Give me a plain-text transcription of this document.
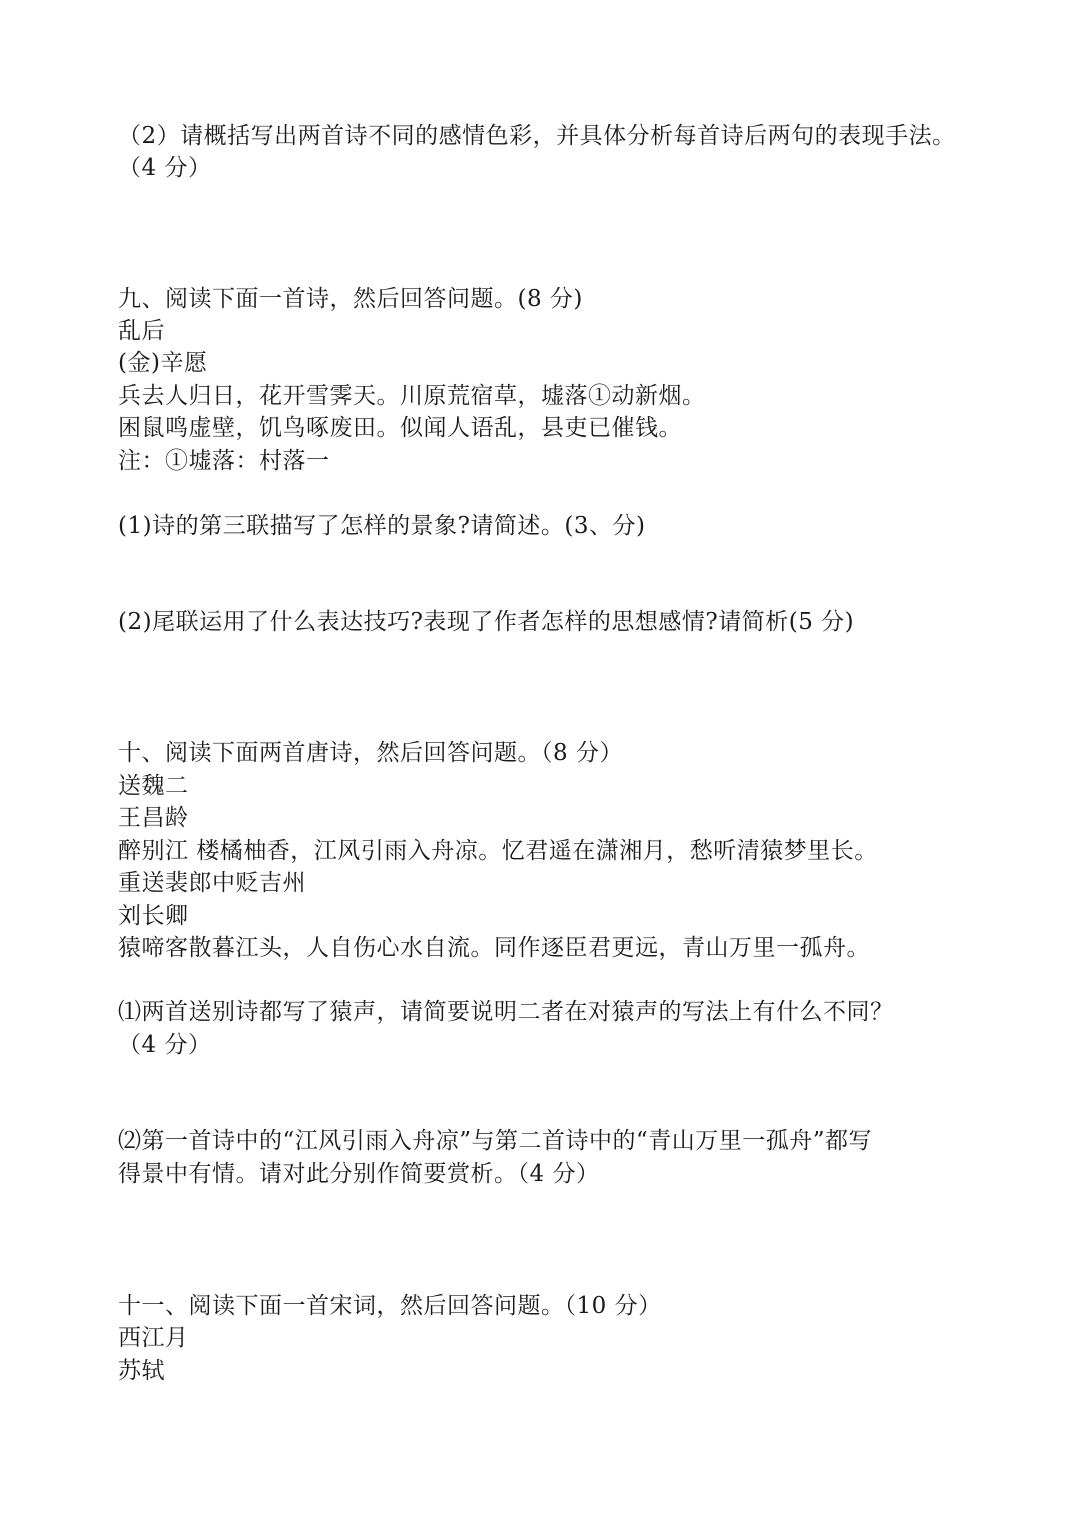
（2）请概括写出两首诗不同的感情色彩，并具体分析每首诗后两句的表现手法。
（4 分）
九、阅读下面一首诗，然后回答问题。(8 分)
乱后
(金)辛愿
兵去人归日，花开雪霁天。川原荒宿草，墟落①动新烟。
困鼠鸣虚壁，饥鸟啄废田。似闻人语乱，县吏已催钱。
注：①墟落：村落一
(1)诗的第三联描写了怎样的景象?请简述。(3、分)
(2)尾联运用了什么表达技巧?表现了作者怎样的思想感情?请简析(5 分)
十、阅读下面两首唐诗，然后回答问题。（8 分）
送魏二
王昌龄
醉别江 楼橘柚香，江风引雨入舟凉。忆君遥在潇湘月，愁听清猿梦里长。
重送裴郎中贬吉州
刘长卿
猿啼客散暮江头，人自伤心水自流。同作逐臣君更远，青山万里一孤舟。
⑴两首送别诗都写了猿声，请简要说明二者在对猿声的写法上有什么不同？
（4 分）
⑵第一首诗中的“江风引雨入舟凉”与第二首诗中的“青山万里一孤舟”都写
得景中有情。请对此分别作简要赏析。（4 分）
十一、阅读下面一首宋词，然后回答问题。（10 分）
西江月
苏轼
